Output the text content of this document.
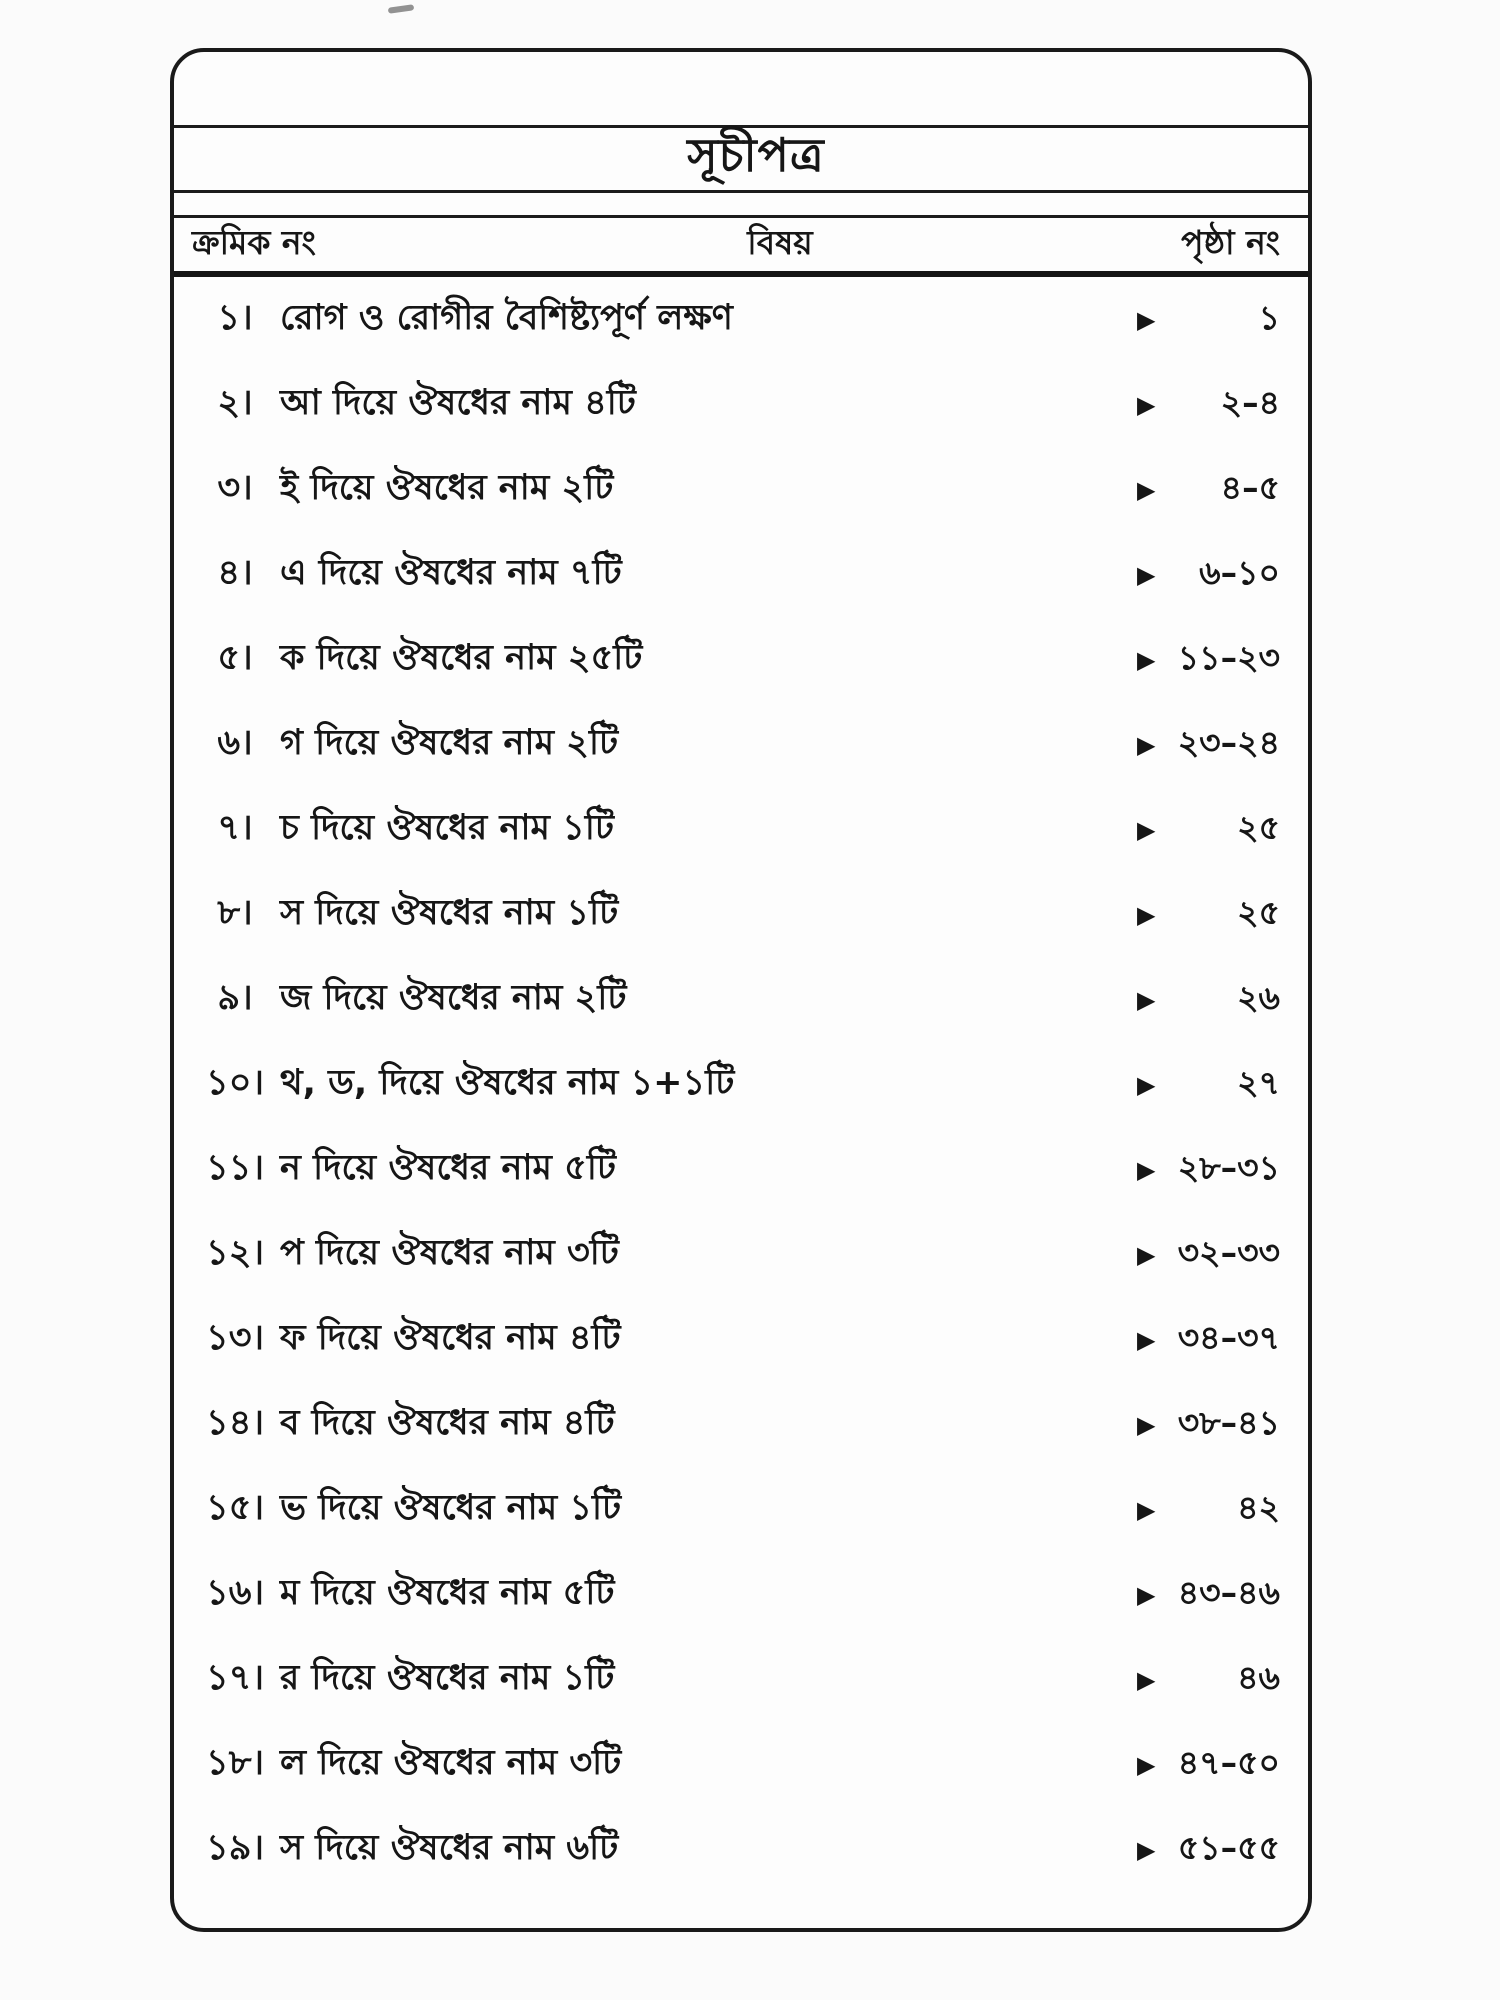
সূচীপত্র
ক্রমিক নং	বিষয়	পৃষ্ঠা নং
১। রোগ ও রোগীর বৈশিষ্ট্যপূর্ণ লক্ষণ	▶	১
২। আ দিয়ে ঔষধের নাম ৪টি	▶ ২–৪
৩। ই দিয়ে ঔষধের নাম ২টি	▶ ৪–৫
৪। এ দিয়ে ঔষধের নাম ৭টি	▶ ৬–১০
৫। ক দিয়ে ঔষধের নাম ২৫টি	▶ ১১–২৩
৬। গ দিয়ে ঔষধের নাম ২টি	▶ ২৩–২৪
৭। চ দিয়ে ঔষধের নাম ১টি	▶ ২৫
৮। স দিয়ে ঔষধের নাম ১টি	▶ ২৫
৯। জ দিয়ে ঔষধের নাম ২টি	▶ ২৬
১০। থ, ড, দিয়ে ঔষধের নাম ১+১টি	▶ ২৭
১১। ন দিয়ে ঔষধের নাম ৫টি	▶ ২৮–৩১
১২। প দিয়ে ঔষধের নাম ৩টি	▶ ৩২–৩৩
১৩। ফ দিয়ে ঔষধের নাম ৪টি	▶ ৩৪–৩৭
১৪। ব দিয়ে ঔষধের নাম ৪টি	▶ ৩৮–৪১
১৫। ভ দিয়ে ঔষধের নাম ১টি	▶ ৪২
১৬। ম দিয়ে ঔষধের নাম ৫টি	▶ ৪৩–৪৬
১৭। র দিয়ে ঔষধের নাম ১টি	▶ ৪৬
১৮। ল দিয়ে ঔষধের নাম ৩টি	▶ ৪৭–৫০
১৯। স দিয়ে ঔষধের নাম ৬টি	▶ ৫১–৫৫
